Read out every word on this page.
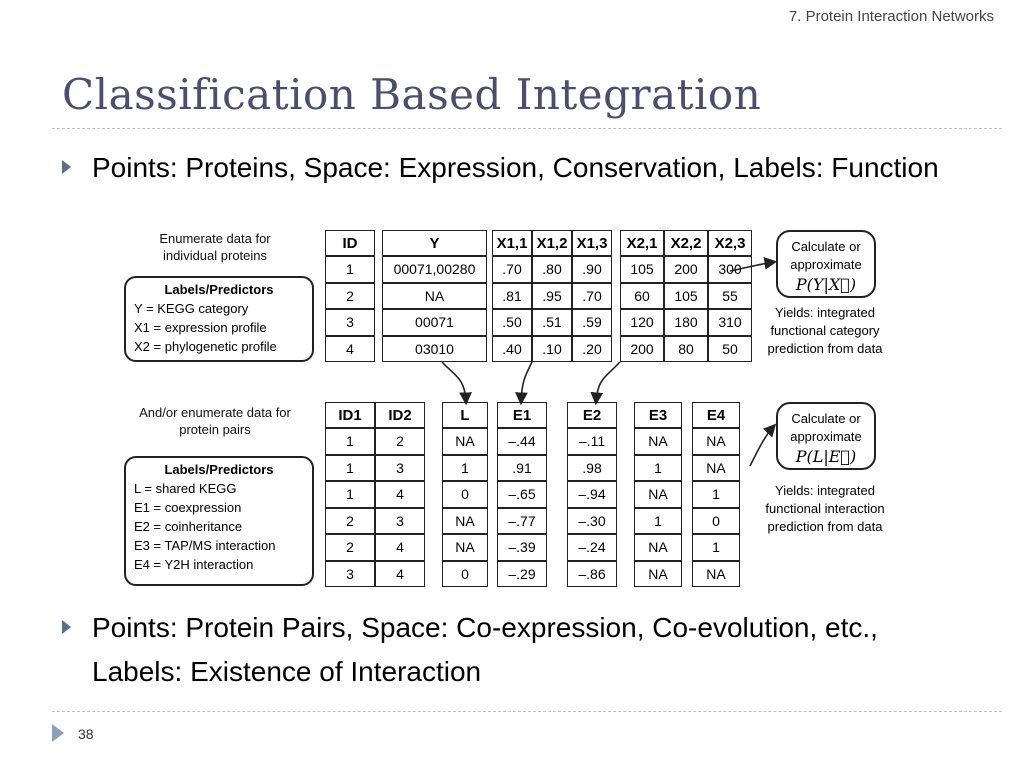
7. Protein Interaction Networks
Classification Based Integration
Points: Proteins, Space: Expression, Conservation, Labels: Function
Enumerate data for individual proteins
Labels/Predictors
Y = KEGG category
X1 = expression profile
X2 = phylogenetic profile
ID	Y	X1,1 X1,2 X1,3	X2,1 X2,2 X2,3
1	00071,00280	.70	.80	.90	105	200	300
2	NA	.81	.95	.70	60	105	55
3	00071	.50	.51	.59	120	180	310
4	03010	.40	.10	.20	200	80	50
Calculate or approximate
P(Y|X⃗)
Yields: integrated functional category prediction from data
And/or enumerate data for protein pairs
Labels/Predictors
L = shared KEGG
E1 = coexpression
E2 = coinheritance
E3 = TAP/MS interaction
E4 = Y2H interaction
ID1	ID2	L	E1	E2	E3	E4
1	2	NA	–.44	–.11	NA	NA
1	3	1	.91	.98	1	NA
1	4	0	–.65	–.94	NA	1
2	3	NA	–.77	–.30	1	0
2	4	NA	–.39	–.24	NA	1
3	4	0	–.29	–.86	NA	NA
Calculate or approximate
P(L|E⃗)
Yields: integrated functional interaction prediction from data
Points: Protein Pairs, Space: Co-expression, Co-evolution, etc., Labels: Existence of Interaction
38
